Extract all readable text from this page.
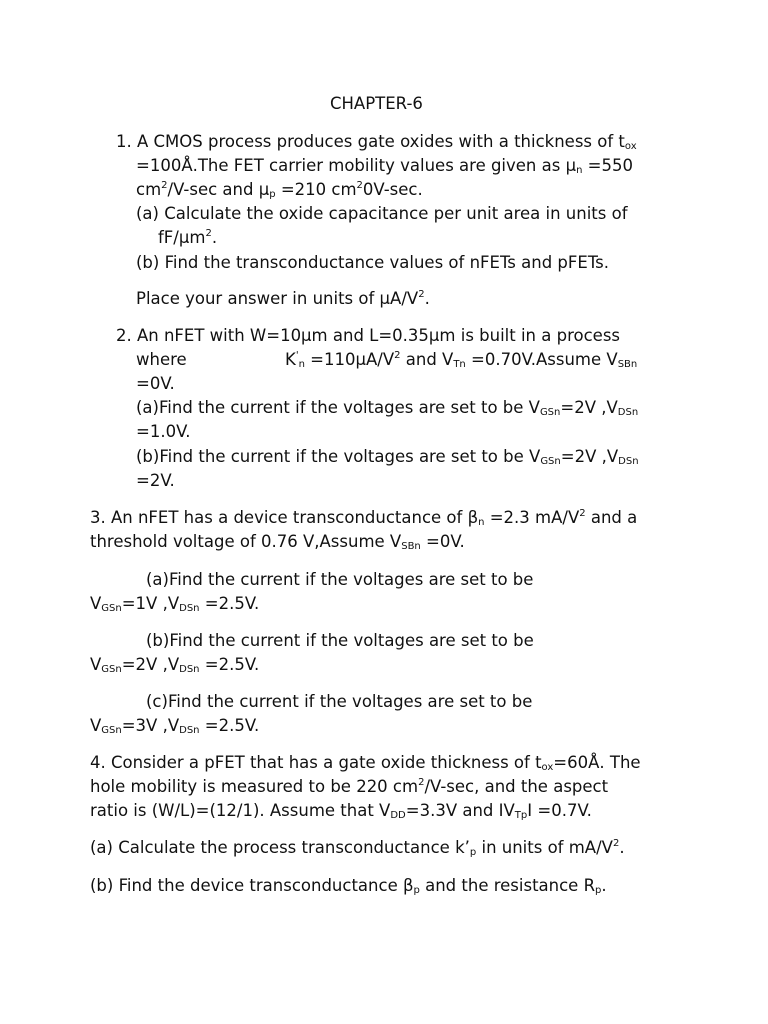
CHAPTER-6
1. A CMOS process produces gate oxides with a thickness of $t_{ox}$
=100Å.The FET carrier mobility values are given as $\mu_n =550$
$cm^2/V-\sec$ and $\mu_p =210$ $cm^20V-\sec$.
(a) Calculate the oxide capacitance per unit area in units of
$fF/\mu m^2$.
(b) Find the transconductance values of nFETs and pFETs.
Place your answer in units of $\mu A/V^2$.
2. An nFET with W=10μm and L=0.35μm is built in a process
where	$K'_n =110\mu A/V^2$ and $V_{Tn}$ =0.70V.Assume $V_{SBn}$
=0V.
(a)Find the current if the voltages are set to be $V_{GSn}=2V$ $,V_{DSn}$
=1.0V.
(b)Find the current if the voltages are set to be $V_{GSn}=2V$ $,V_{DSn}$
=2V.
3. An nFET has a device transconductance of $\beta_n =2.3$ $mA/V^2$ and a
threshold voltage of 0.76 V,Assume $V_{SBn} =0V$.
(a)Find the current if the voltages are set to be
$V_{GSn}=1V$ $,V_{DSn} =2.5V$.
(b)Find the current if the voltages are set to be
$V_{GSn}=2V$ $,V_{DSn} =2.5V$.
(c)Find the current if the voltages are set to be
$V_{GSn}=3V$ $,V_{DSn} =2.5V$.
4. Consider a pFET that has a gate oxide thickness of $t_{ox}=60Å$. The
hole mobility is measured to be 220 $cm^2/V-\sec$, and the aspect
ratio is (W/L)=(12/1). Assume that $V_{DD}=3.3V$ and $IV_{Tp}I =0.7V$.
(a) Calculate the process transconductance $k’_p$ in units of $mA/V^2$.
(b) Find the device transconductance $\beta_p$ and the resistance $R_p$.
